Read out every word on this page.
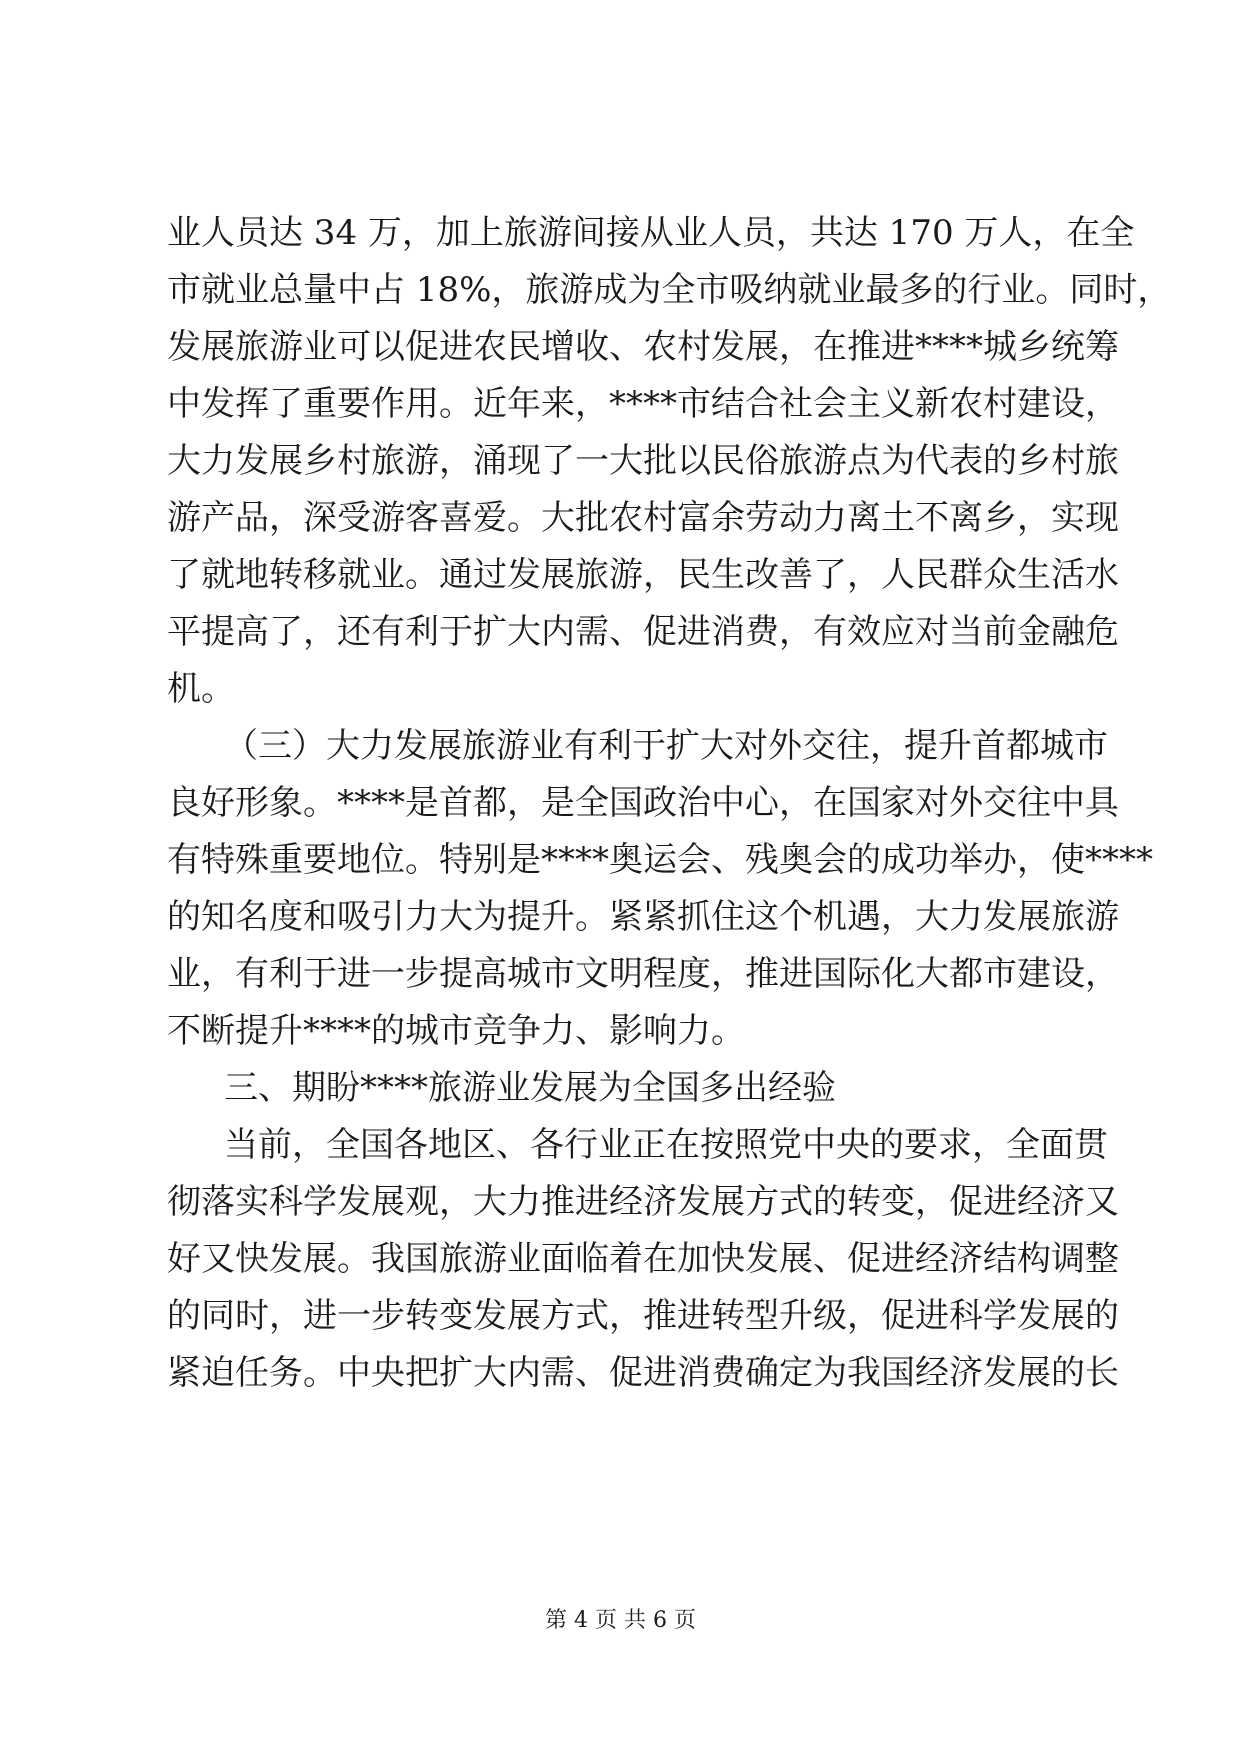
业人员达 34 万，加上旅游间接从业人员，共达 170 万人，在全
市就业总量中占 18%，旅游成为全市吸纳就业最多的行业。同时，
发展旅游业可以促进农民增收、农村发展，在推进****城乡统筹
中发挥了重要作用。近年来，****市结合社会主义新农村建设，
大力发展乡村旅游，涌现了一大批以民俗旅游点为代表的乡村旅
游产品，深受游客喜爱。大批农村富余劳动力离土不离乡，实现
了就地转移就业。通过发展旅游，民生改善了，人民群众生活水
平提高了，还有利于扩大内需、促进消费，有效应对当前金融危
机。
（三）大力发展旅游业有利于扩大对外交往，提升首都城市
良好形象。****是首都，是全国政治中心，在国家对外交往中具
有特殊重要地位。特别是****奥运会、残奥会的成功举办，使****
的知名度和吸引力大为提升。紧紧抓住这个机遇，大力发展旅游
业，有利于进一步提高城市文明程度，推进国际化大都市建设，
不断提升****的城市竞争力、影响力。
三、期盼****旅游业发展为全国多出经验
当前，全国各地区、各行业正在按照党中央的要求，全面贯
彻落实科学发展观，大力推进经济发展方式的转变，促进经济又
好又快发展。我国旅游业面临着在加快发展、促进经济结构调整
的同时，进一步转变发展方式，推进转型升级，促进科学发展的
紧迫任务。中央把扩大内需、促进消费确定为我国经济发展的长
第 4 页 共 6 页
